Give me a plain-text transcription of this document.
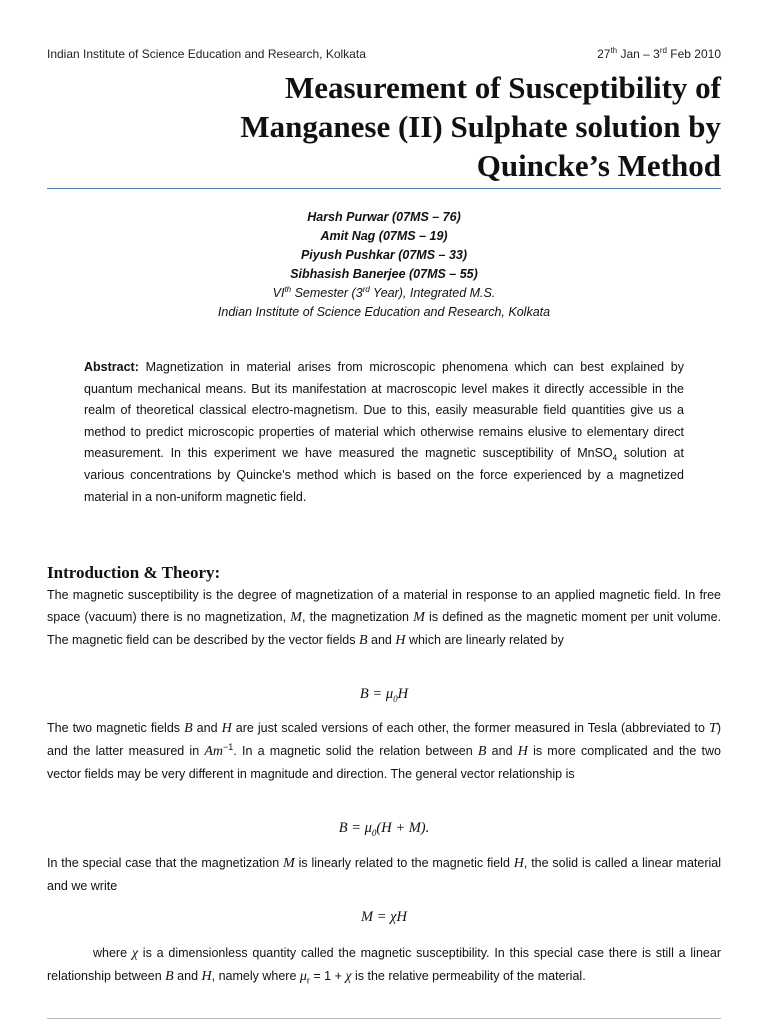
Indian Institute of Science Education and Research, Kolkata	27th Jan – 3rd Feb 2010
Measurement of Susceptibility of
Manganese (II) Sulphate solution by
Quincke’s Method
Harsh Purwar (07MS – 76)
Amit Nag (07MS – 19)
Piyush Pushkar (07MS – 33)
Sibhasish Banerjee (07MS – 55)
VIth Semester (3rd Year), Integrated M.S.
Indian Institute of Science Education and Research, Kolkata
Abstract: Magnetization in material arises from microscopic phenomena which can best explained by quantum mechanical means. But its manifestation at macroscopic level makes it directly accessible in the realm of theoretical classical electro-magnetism. Due to this, easily measurable field quantities give us a method to predict microscopic properties of material which otherwise remains elusive to elementary direct measurement. In this experiment we have measured the magnetic susceptibility of MnSO$_4$ solution at various concentrations by Quincke's method which is based on the force experienced by a magnetized material in a non-uniform magnetic field.
Introduction & Theory:
The magnetic susceptibility is the degree of magnetization of a material in response to an applied magnetic field. In free space (vacuum) there is no magnetization, M, the magnetization M is defined as the magnetic moment per unit volume. The magnetic field can be described by the vector fields B and H which are linearly related by
$B = \mu_0H$
The two magnetic fields B and H are just scaled versions of each other, the former measured in Tesla (abbreviated to T) and the latter measured in $Am^{-1}$. In a magnetic solid the relation between B and H is more complicated and the two vector fields may be very different in magnitude and direction. The general vector relationship is
$B = \mu_0(H + M)$.
In the special case that the magnetization M is linearly related to the magnetic field H, the solid is called a linear material and we write
M = χH
where χ is a dimensionless quantity called the magnetic susceptibility. In this special case there is still a linear relationship between B and H, namely where $\mu_r = 1 + \chi$ is the relative permeability of the material.
